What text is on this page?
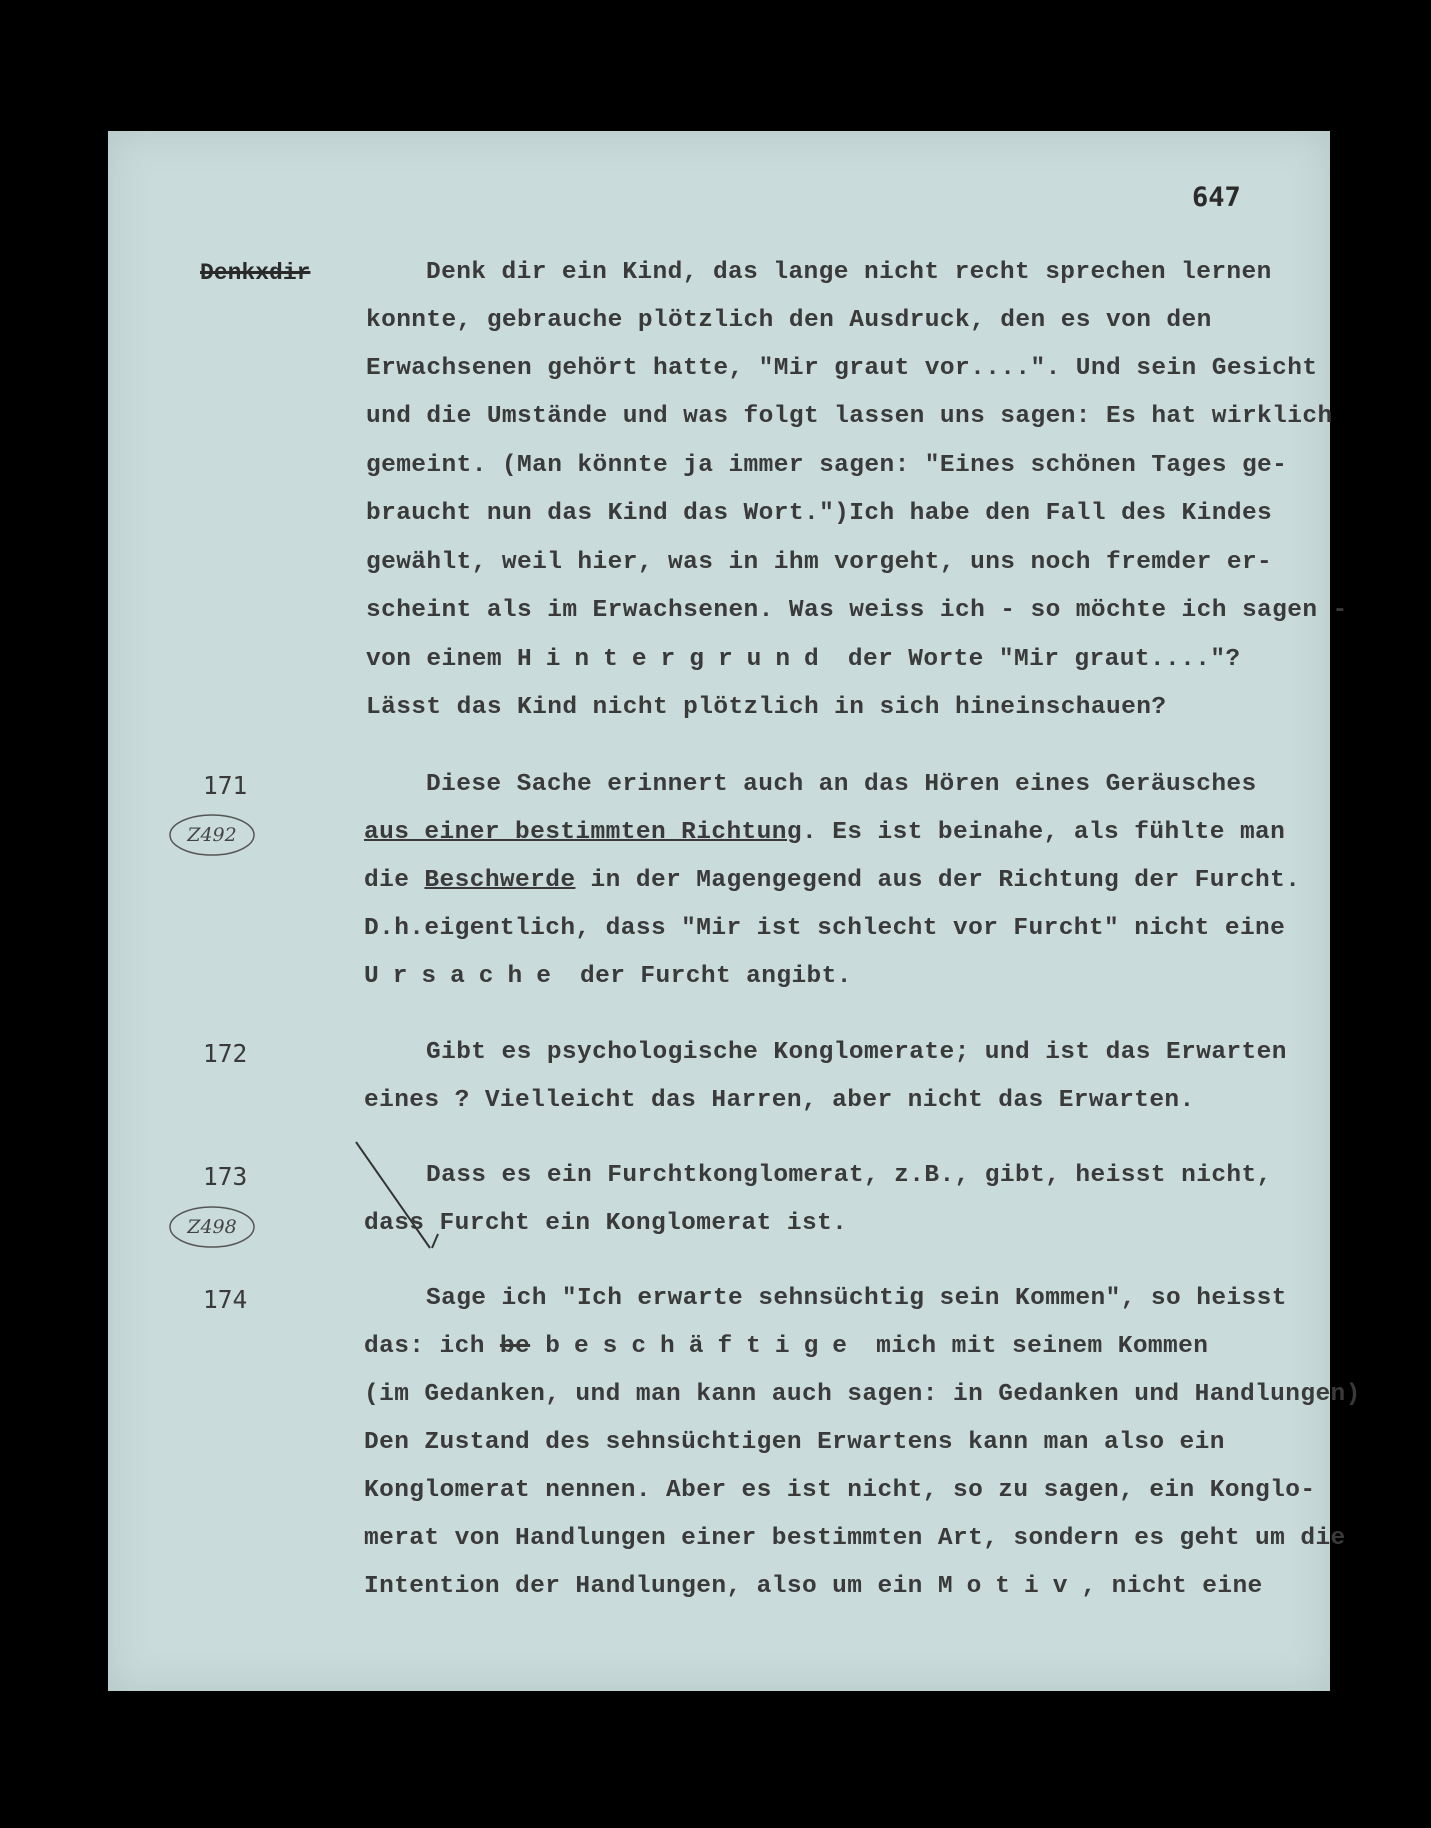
647
Denkxdir	Denk dir ein Kind, das lange nicht recht sprechen lernen
konnte, gebrauche plötzlich den Ausdruck, den es von den
Erwachsenen gehört hatte, "Mir graut vor....". Und sein Gesicht
und die Umstände und was folgt lassen uns sagen: Es hat wirklich
gemeint. (Man könnte ja immer sagen: "Eines schönen Tages ge-
braucht nun das Kind das Wort.")Ich habe den Fall des Kindes
gewählt, weil hier, was in ihm vorgeht, uns noch fremder er-
scheint als im Erwachsenen. Was weiss ich - so möchte ich sagen -
von einem Hintergrund der Worte "Mir graut...."?
Lässt das Kind nicht plötzlich in sich hineinschauen?
171
Z492
Diese Sache erinnert auch an das Hören eines Geräusches
aus einer bestimmten Richtung. Es ist beinahe, als fühlte man
die Beschwerde in der Magengegend aus der Richtung der Furcht.
D.h.eigentlich, dass "Mir ist schlecht vor Furcht" nicht eine
Ursache der Furcht angibt.
172	Gibt es psychologische Konglomerate; und ist das Erwarten
eines ? Vielleicht das Harren, aber nicht das Erwarten.
173
Z498
Dass es ein Furchtkonglomerat, z.B., gibt, heisst nicht,
dass Furcht ein Konglomerat ist.
174	Sage ich "Ich erwarte sehnsüchtig sein Kommen", so heisst
das: ich be beschäftige mich mit seinem Kommen
(im Gedanken, und man kann auch sagen: in Gedanken und Handlungen)
Den Zustand des sehnsüchtigen Erwartens kann man also ein
Konglomerat nennen. Aber es ist nicht, so zu sagen, ein Konglo-
merat von Handlungen einer bestimmten Art, sondern es geht um die
Intention der Handlungen, also um ein Motiv, nicht eine
